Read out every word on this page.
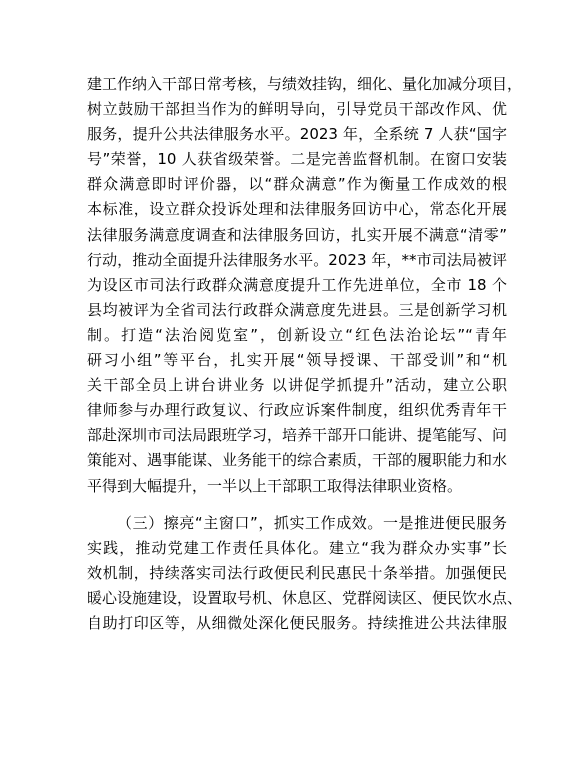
建工作纳入干部日常考核，与绩效挂钩，细化、量化加减分项目，
树立鼓励干部担当作为的鲜明导向，引导党员干部改作风、优
服务，提升公共法律服务水平。2023 年，全系统 7 人获“国字
号”荣誉，10 人获省级荣誉。二是完善监督机制。在窗口安装
群众满意即时评价器，以“群众满意”作为衡量工作成效的根
本标准，设立群众投诉处理和法律服务回访中心，常态化开展
法律服务满意度调查和法律服务回访，扎实开展不满意“清零”
行动，推动全面提升法律服务水平。2023 年，**市司法局被评
为设区市司法行政群众满意度提升工作先进单位，全市 18 个
县均被评为全省司法行政群众满意度先进县。三是创新学习机
制。打造“法治阅览室”，创新设立“红色法治论坛”“青年
研习小组”等平台，扎实开展“领导授课、干部受训”和“机
关干部全员上讲台讲业务 以讲促学抓提升”活动，建立公职
律师参与办理行政复议、行政应诉案件制度，组织优秀青年干
部赴深圳市司法局跟班学习，培养干部开口能讲、提笔能写、问
策能对、遇事能谋、业务能干的综合素质，干部的履职能力和水
平得到大幅提升，一半以上干部职工取得法律职业资格。
（三）擦亮“主窗口”，抓实工作成效。一是推进便民服务
实践，推动党建工作责任具体化。建立“我为群众办实事”长
效机制，持续落实司法行政便民利民惠民十条举措。加强便民
暖心设施建设，设置取号机、休息区、党群阅读区、便民饮水点、
自助打印区等，从细微处深化便民服务。持续推进公共法律服
